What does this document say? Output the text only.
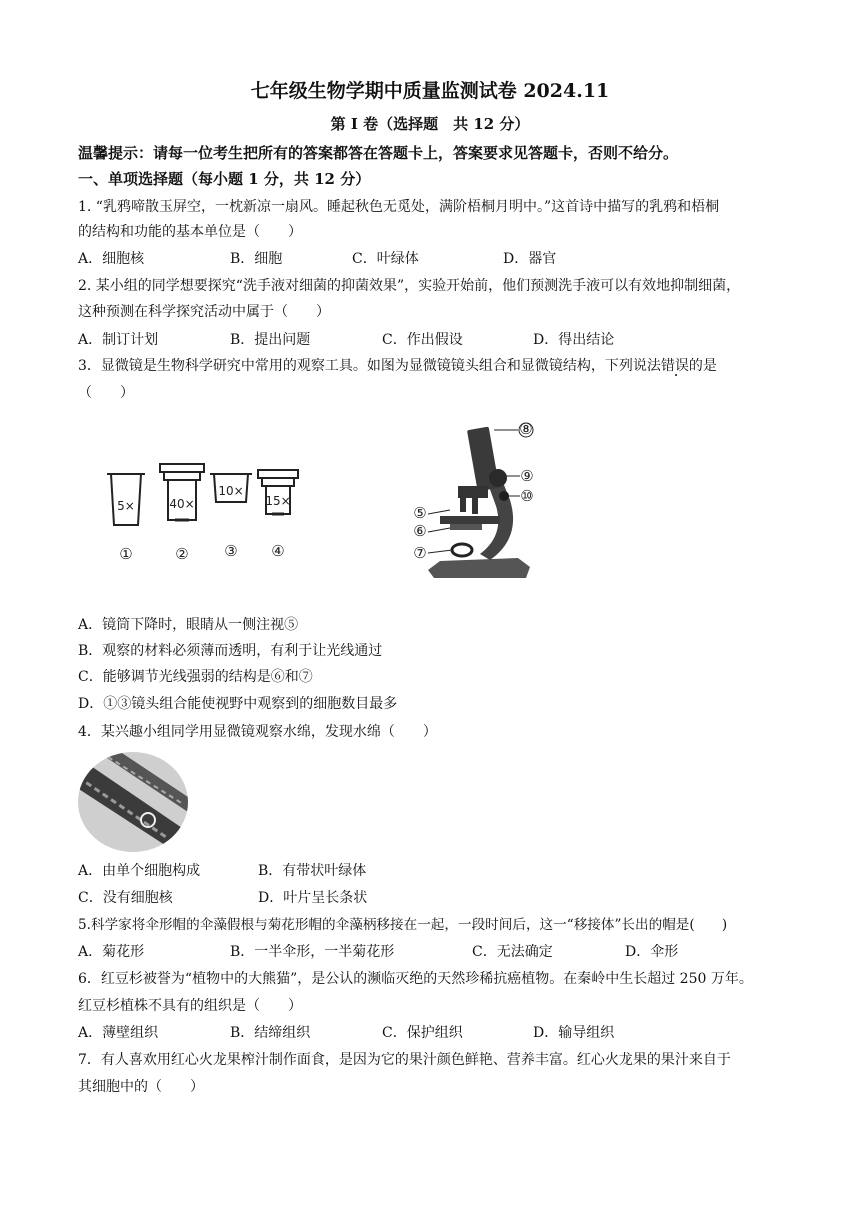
七年级生物学期中质量监测试卷 2024.11
第 I 卷（选择题　共 12 分）
温馨提示：请每一位考生把所有的答案都答在答题卡上，答案要求见答题卡，否则不给分。
一、单项选择题（每小题 1 分，共 12 分）
1. “乳鸦啼散玉屏空，一枕新凉一扇风。睡起秋色无觅处，满阶梧桐月明中。”这首诗中描写的乳鸦和梧桐
的结构和功能的基本单位是（　　）
A．细胞核	B．细胞	C．叶绿体	D．器官
2. 某小组的同学想要探究“洗手液对细菌的抑菌效果”，实验开始前，他们预测洗手液可以有效地抑制细菌，
这种预测在科学探究活动中属于（　　）
A．制订计划	B．提出问题	C．作出假设	D．得出结论
3．显微镜是生物科学研究中常用的观察工具。如图为显微镜镜头组合和显微镜结构，下列说法错误的是
（　　）
5×
①
40×
②
10×
③
15×
④
⑧
⑨
⑩
⑤
⑥
⑦
A．镜筒下降时，眼睛从一侧注视⑤
B．观察的材料必须薄而透明，有利于让光线通过
C．能够调节光线强弱的结构是⑥和⑦
D．①③镜头组合能使视野中观察到的细胞数目最多
4．某兴趣小组同学用显微镜观察水绵，发现水绵（　　）
A．由单个细胞构成	B．有带状叶绿体
C．没有细胞核	D．叶片呈长条状
5.科学家将伞形帽的伞藻假根与菊花形帽的伞藻柄移接在一起，一段时间后，这一“移接体”长出的帽是(　　)
A．菊花形	B．一半伞形，一半菊花形	C．无法确定	D．伞形
6．红豆杉被誉为“植物中的大熊猫”，是公认的濒临灭绝的天然珍稀抗癌植物。在秦岭中生长超过 250 万年。
红豆杉植株不具有的组织是（　　）
A．薄壁组织	B．结缔组织	C．保护组织	D．输导组织
7．有人喜欢用红心火龙果榨汁制作面食，是因为它的果汁颜色鲜艳、营养丰富。红心火龙果的果汁来自于
其细胞中的（　　）
